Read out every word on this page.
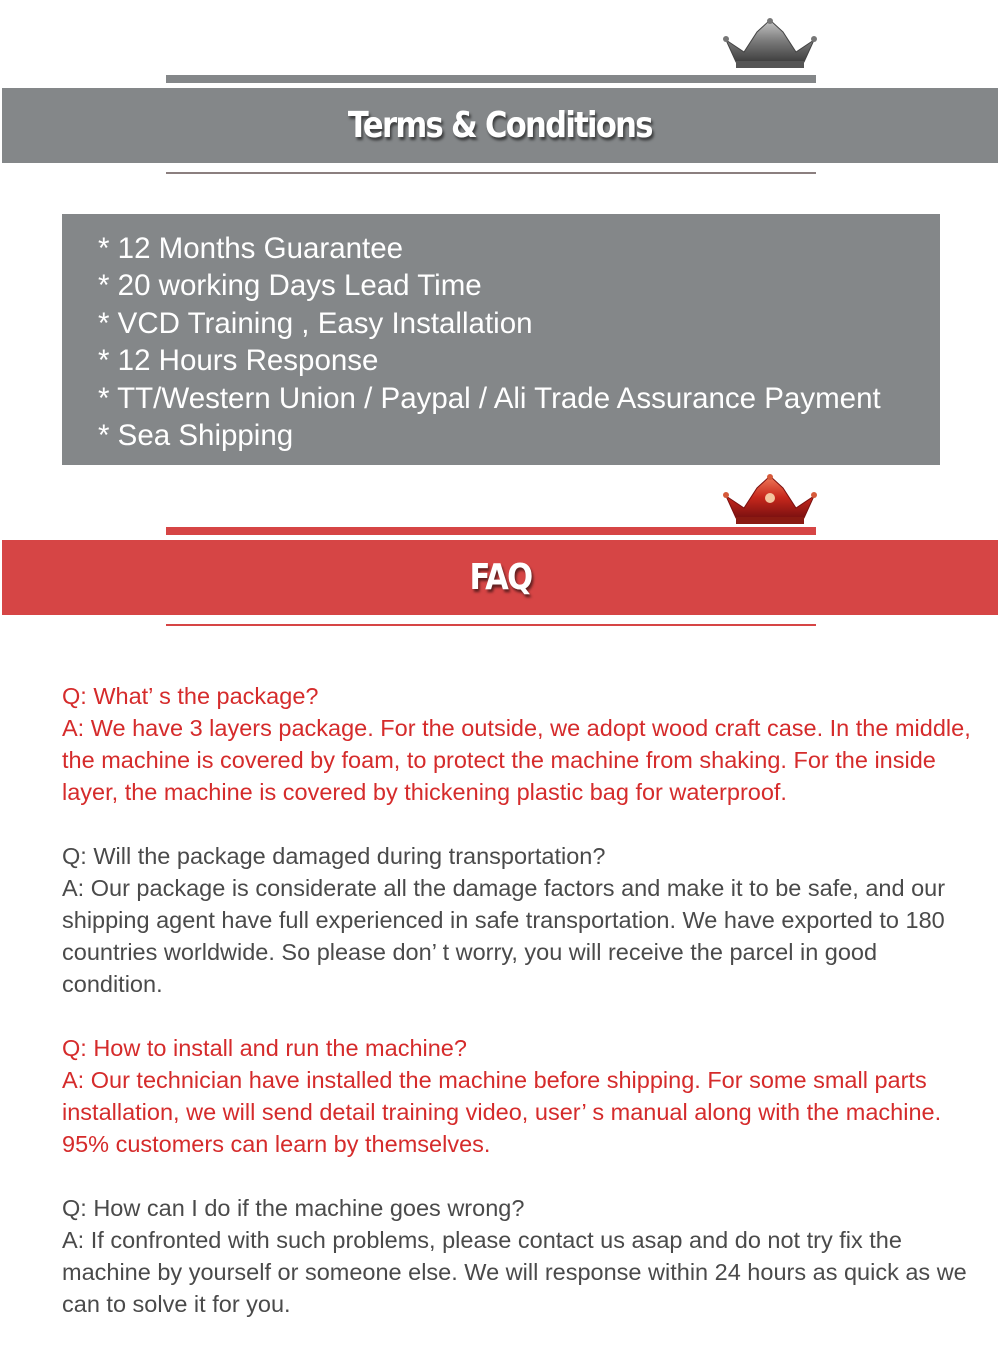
Terms & Conditions
* 12 Months Guarantee
* 20 working Days Lead Time
* VCD Training , Easy Installation
* 12 Hours Response
* TT/Western Union / Paypal / Ali Trade Assurance Payment
* Sea Shipping
FAQ

Q: What’ s the package?

A: We have 3 layers package. For the outside, we adopt wood craft case. In the middle, the machine is covered by foam, to protect the machine from shaking. For the inside layer, the machine is covered by thickening plastic bag for waterproof.

Q: Will the package damaged during transportation?

A: Our package is considerate all the damage factors and make it to be safe, and our shipping agent have full experienced in safe transportation. We have exported to 180 countries worldwide. So please don’ t worry, you will receive the parcel in good condition.

Q: How to install and run the machine?

A: Our technician have installed the machine before shipping. For some small parts installation, we will send detail training video, user’ s manual along with the machine. 95% customers can learn by themselves.

Q: How can I do if the machine goes wrong?

A: If confronted with such problems, please contact us asap and do not try fix the machine by yourself or someone else. We will response within 24 hours as quick as we can to solve it for you.
